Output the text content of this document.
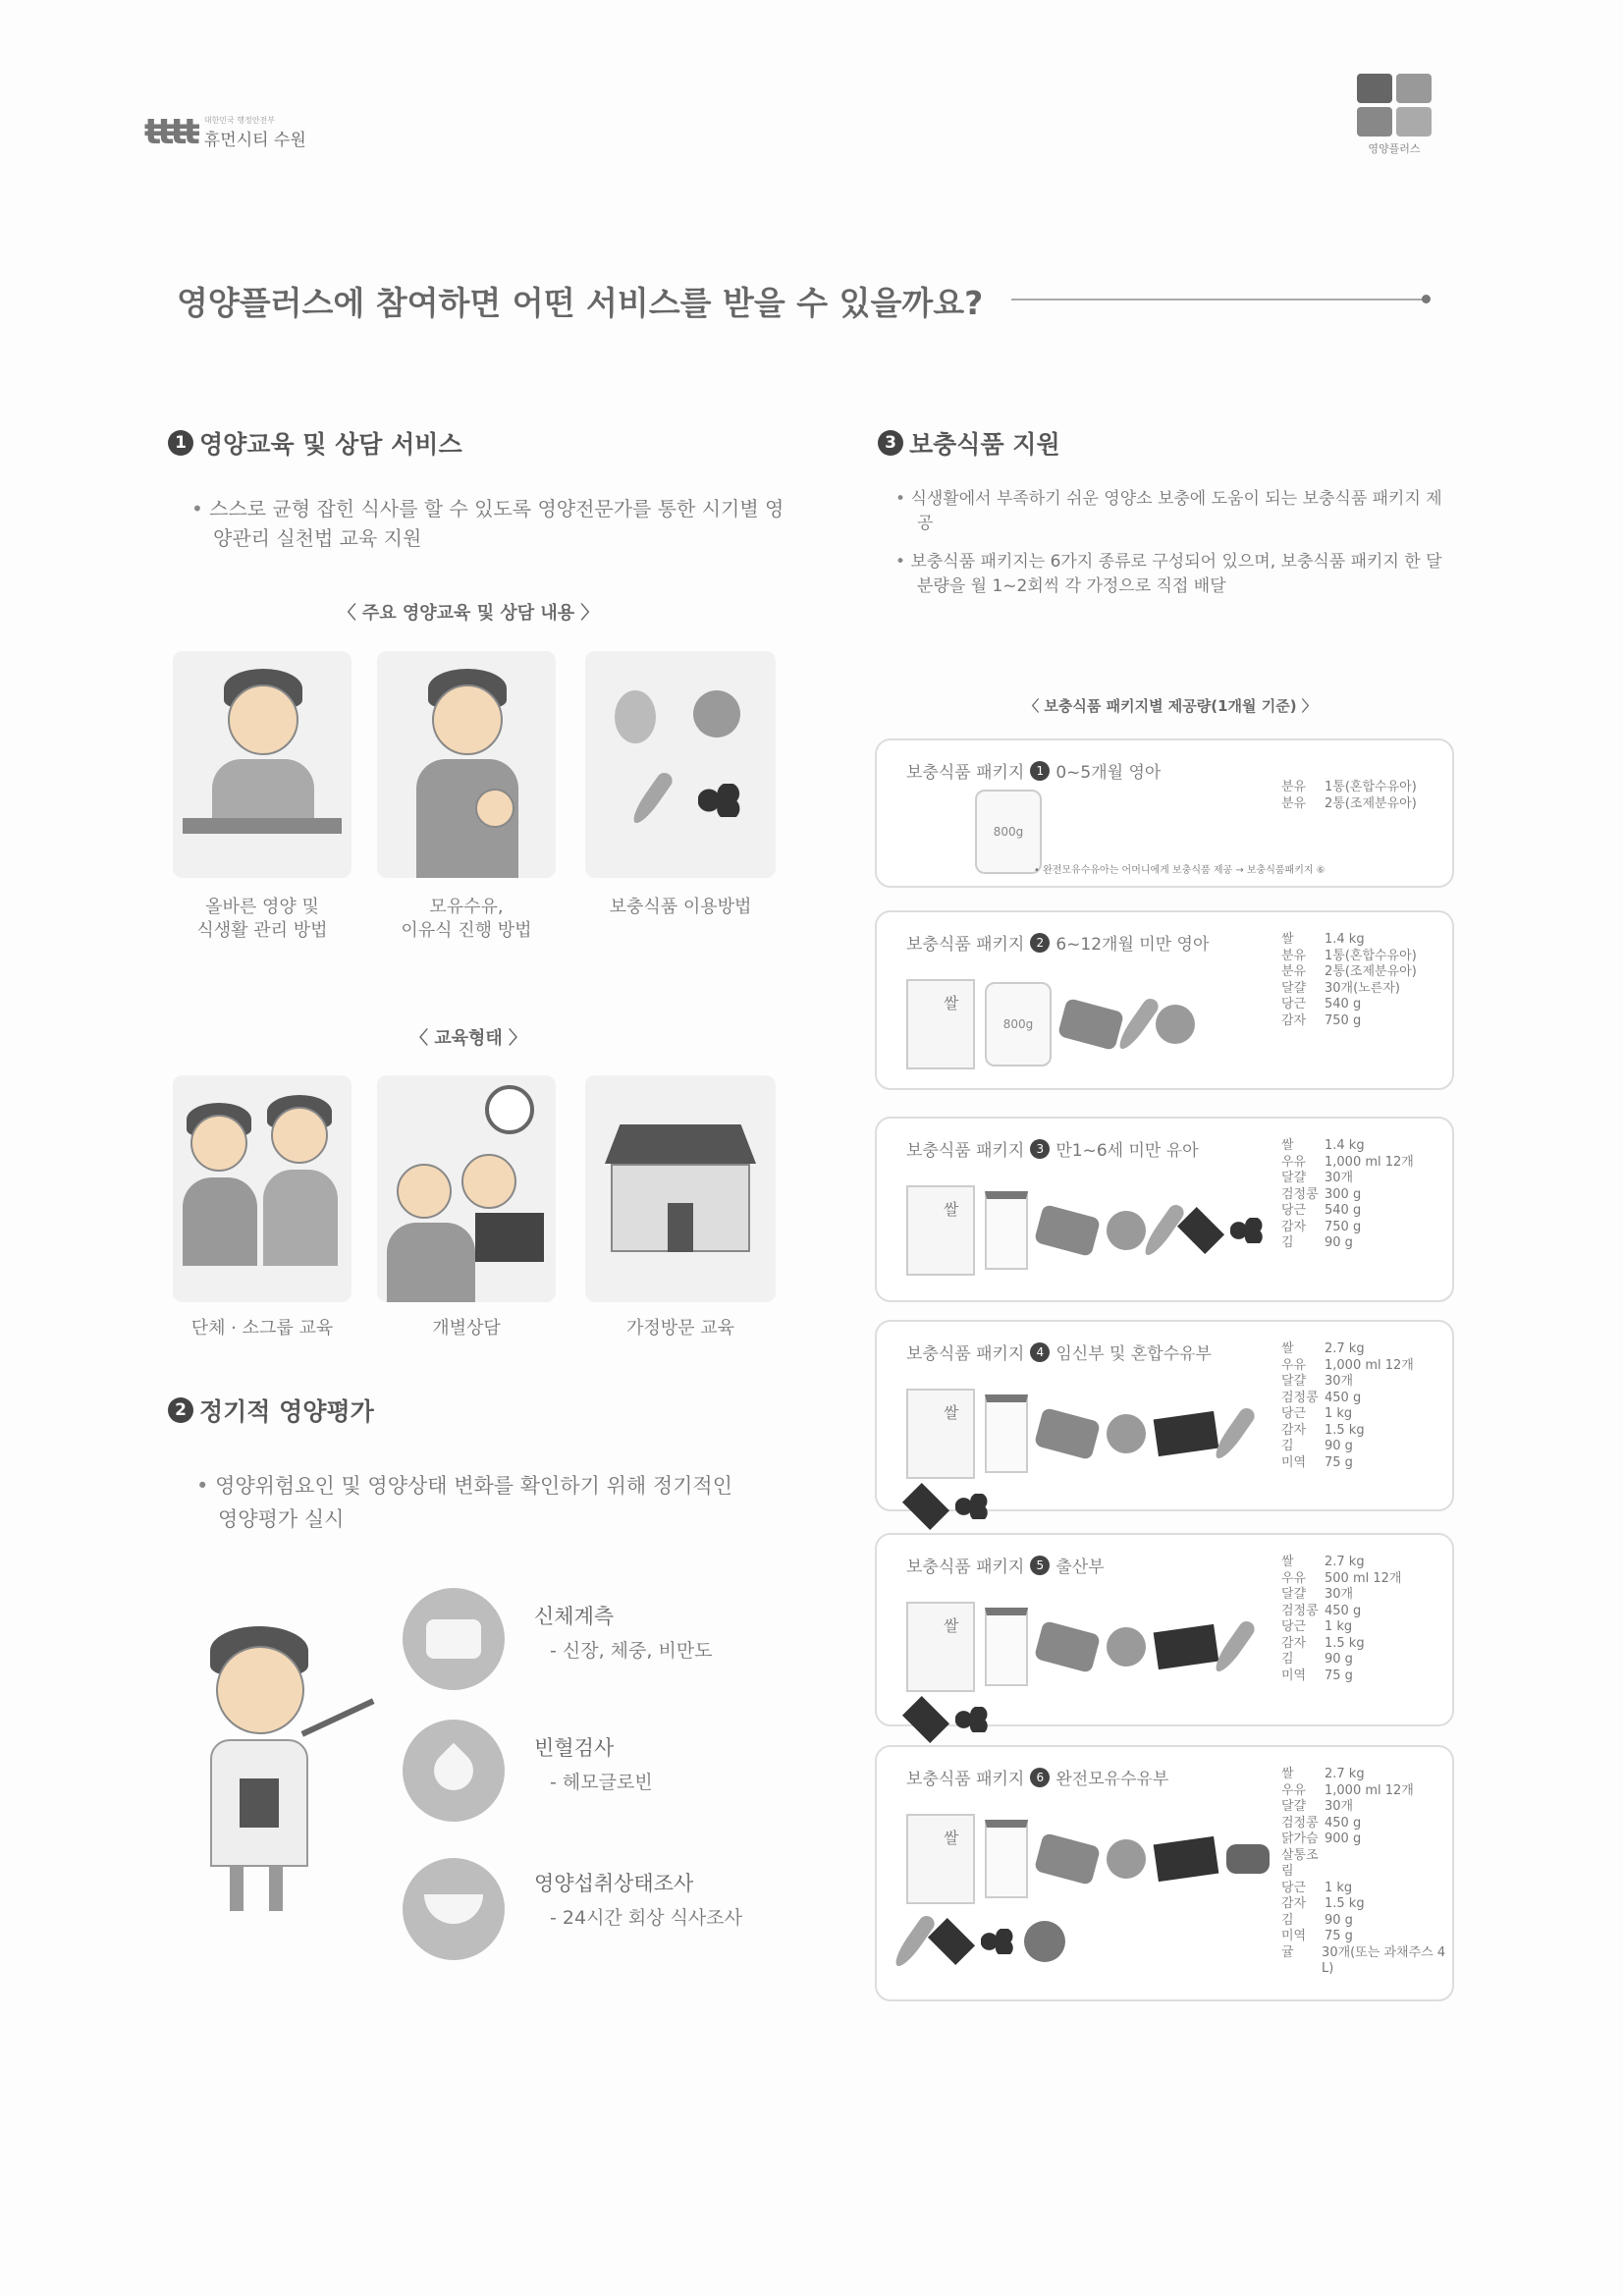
ŧŧŧŧ 대한민국 행정안전부
휴먼시티 수원	영양플러스
영양플러스에 참여하면 어떤 서비스를 받을 수 있을까요?
1 영양교육 및 상담 서비스
• 스스로 균형 잡힌 식사를 할 수 있도록 영양전문가를 통한 시기별 영양관리 실천법 교육 지원
〈 주요 영양교육 및 상담 내용 〉
올바른 영양 및
식생활 관리 방법
모유수유,
이유식 진행 방법
보충식품 이용방법
〈 교육형태 〉
단체 · 소그룹 교육	개별상담	가정방문 교육
2 정기적 영양평가
• 영양위험요인 및 영양상태 변화를 확인하기 위해 정기적인 영양평가 실시
신체계측
- 신장, 체중, 비만도
빈혈검사
- 헤모글로빈
영양섭취상태조사
- 24시간 회상 식사조사
3 보충식품 지원
• 식생활에서 부족하기 쉬운 영양소 보충에 도움이 되는 보충식품 패키지 제공
• 보충식품 패키지는 6가지 종류로 구성되어 있으며, 보충식품 패키지 한 달 분량을 월 1~2회씩 각 가정으로 직접 배달
〈 보충식품 패키지별 제공량(1개월 기준) 〉
보충식품 패키지	1 0~5개월 영아
800g
분유	1통(혼합수유아)
분유	2통(조제분유아)
• 완전모유수유아는 어머니에게 보충식품 제공 → 보충식품패키지 ⑥
보충식품 패키지	2 6~12개월 미만 영아
쌀
800g
쌀	1.4 kg
분유	1통(혼합수유아)
분유	2통(조제분유아)
달걀	30개(노른자)
당근	540 g
감자	750 g
보충식품 패키지	3 만1~6세 미만 유아
쌀
쌀	1.4 kg
우유	1,000 ml 12개
달걀	30개
검정콩 300 g
당근	540 g
감자	750 g
김	90 g
보충식품 패키지	4 임신부 및 혼합수유부
쌀
쌀	2.7 kg
우유	1,000 ml 12개
달걀	30개
검정콩 450 g
당근	1 kg
감자	1.5 kg
김	90 g
미역	75 g
보충식품 패키지	5 출산부
쌀
쌀	2.7 kg
우유	500 ml 12개
달걀	30개
검정콩 450 g
당근	1 kg
감자	1.5 kg
김	90 g
미역	75 g
보충식품 패키지	6 완전모유수유부
쌀
쌀	2.7 kg
우유	1,000 ml 12개
달걀	30개
검정콩 450 g
닭가슴살통조림
900 g
당근	1 kg
감자	1.5 kg
김	90 g
미역	75 g
귤	30개(또는 과채주스 4 L)
